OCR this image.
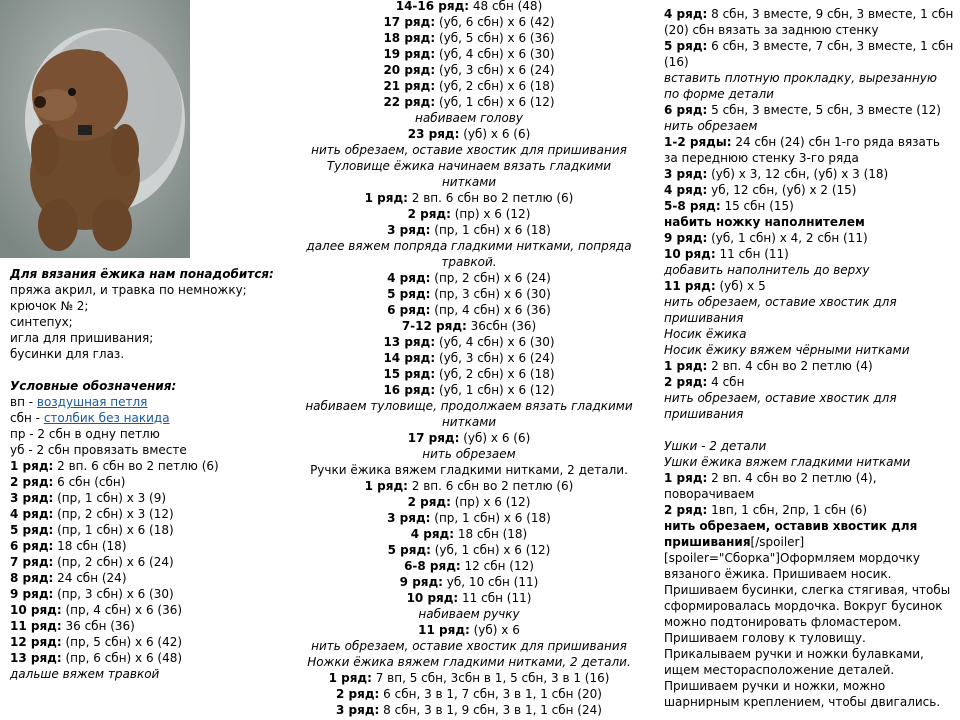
Для вязания ёжика нам понадобится:
пряжа акрил, и травка по немножку;
крючок № 2;
синтепух;
игла для пришивания;
бусинки для глаз.
Условные обозначения:
вп - воздушная петля
сбн - столбик без накида
пр - 2 сбн в одну петлю
уб - 2 сбн провязать вместе
1 ряд: 2 вп. 6 сбн во 2 петлю (6)
2 ряд: 6 сбн (сбн)
3 ряд: (пр, 1 сбн) х 3 (9)
4 ряд: (пр, 2 сбн) х 3 (12)
5 ряд: (пр, 1 сбн) х 6 (18)
6 ряд: 18 сбн (18)
7 ряд: (пр, 2 сбн) х 6 (24)
8 ряд: 24 сбн (24)
9 ряд: (пр, 3 сбн) х 6 (30)
10 ряд: (пр, 4 сбн) х 6 (36)
11 ряд: 36 сбн (36)
12 ряд: (пр, 5 сбн) х 6 (42)
13 ряд: (пр, 6 сбн) х 6 (48)
дальше вяжем травкой
14-16 ряд: 48 сбн (48)
17 ряд: (уб, 6 сбн) х 6 (42)
18 ряд: (уб, 5 сбн) х 6 (36)
19 ряд: (уб, 4 сбн) х 6 (30)
20 ряд: (уб, 3 сбн) х 6 (24)
21 ряд: (уб, 2 сбн) х 6 (18)
22 ряд: (уб, 1 сбн) х 6 (12)
набиваем голову
23 ряд: (уб) х 6 (6)
нить обрезаем, оставие хвостик для пришивания
Туловище ёжика начинаем вязать гладкими нитками
1 ряд: 2 вп. 6 сбн во 2 петлю (6)
2 ряд: (пр) х 6 (12)
3 ряд: (пр, 1 сбн) х 6 (18)
далее вяжем попряда гладкими нитками, попряда травкой.
4 ряд: (пр, 2 сбн) х 6 (24)
5 ряд: (пр, 3 сбн) х 6 (30)
6 ряд: (пр, 4 сбн) х 6 (36)
7-12 ряд: 36сбн (36)
13 ряд: (уб, 4 сбн) х 6 (30)
14 ряд: (уб, 3 сбн) х 6 (24)
15 ряд: (уб, 2 сбн) х 6 (18)
16 ряд: (уб, 1 сбн) х 6 (12)
набиваем туловище, продолжаем вязать гладкими нитками
17 ряд: (уб) х 6 (6)
нить обрезаем
Ручки ёжика вяжем гладкими нитками, 2 детали.
1 ряд: 2 вп. 6 сбн во 2 петлю (6)
2 ряд: (пр) х 6 (12)
3 ряд: (пр, 1 сбн) х 6 (18)
4 ряд: 18 сбн (18)
5 ряд: (уб, 1 сбн) х 6 (12)
6-8 ряд: 12 сбн (12)
9 ряд: уб, 10 сбн (11)
10 ряд: 11 сбн (11)
набиваем ручку
11 ряд: (уб) х 6
нить обрезаем, оставие хвостик для пришивания
Ножки ёжика вяжем гладкими нитками, 2 детали.
1 ряд: 7 вп, 5 сбн, 3сбн в 1, 5 сбн, 3 в 1 (16)
2 ряд: 6 сбн, 3 в 1, 7 сбн, 3 в 1, 1 сбн (20)
3 ряд: 8 сбн, 3 в 1, 9 сбн, 3 в 1, 1 сбн (24)
4 ряд: 8 сбн, 3 вместе, 9 сбн, 3 вместе, 1 сбн (20) сбн вязать за заднюю стенку
5 ряд: 6 сбн, 3 вместе, 7 сбн, 3 вместе, 1 сбн (16)
вставить плотную прокладку, вырезанную по форме детали
6 ряд: 5 сбн, 3 вместе, 5 сбн, 3 вместе (12)
нить обрезаем
1-2 ряды: 24 сбн (24) сбн 1-го ряда вязать за переднюю стенку 3-го ряда
3 ряд: (уб) х 3, 12 сбн, (уб) х 3 (18)
4 ряд: уб, 12 сбн, (уб) х 2 (15)
5-8 ряд: 15 сбн (15)
набить ножку наполнителем
9 ряд: (уб, 1 сбн) х 4, 2 сбн (11)
10 ряд: 11 сбн (11)
добавить наполнитель до верху
11 ряд: (уб) х 5
нить обрезаем, оставие хвостик для пришивания
Носик ёжика
Носик ёжику вяжем чёрными нитками
1 ряд: 2 вп. 4 сбн во 2 петлю (4)
2 ряд: 4 сбн
нить обрезаем, оставие хвостик для пришивания
Ушки - 2 детали
Ушки ёжика вяжем гладкими нитками
1 ряд: 2 вп. 4 сбн во 2 петлю (4), поворачиваем
2 ряд: 1вп, 1 сбн, 2пр, 1 сбн (6)
нить обрезаем, оставив хвостик для пришивания[/spoiler]
[spoiler="Сборка"]Оформляем мордочку вязаного ёжика. Пришиваем носик. Пришиваем бусинки, слегка стягивая, чтобы сформировалась мордочка. Вокруг бусинок можно подтонировать фломастером. Пришиваем голову к туловищу. Прикалываем ручки и ножки булавками, ищем месторасположение деталей. Пришиваем ручки и ножки, можно шарнирным креплением, чтобы двигались.
